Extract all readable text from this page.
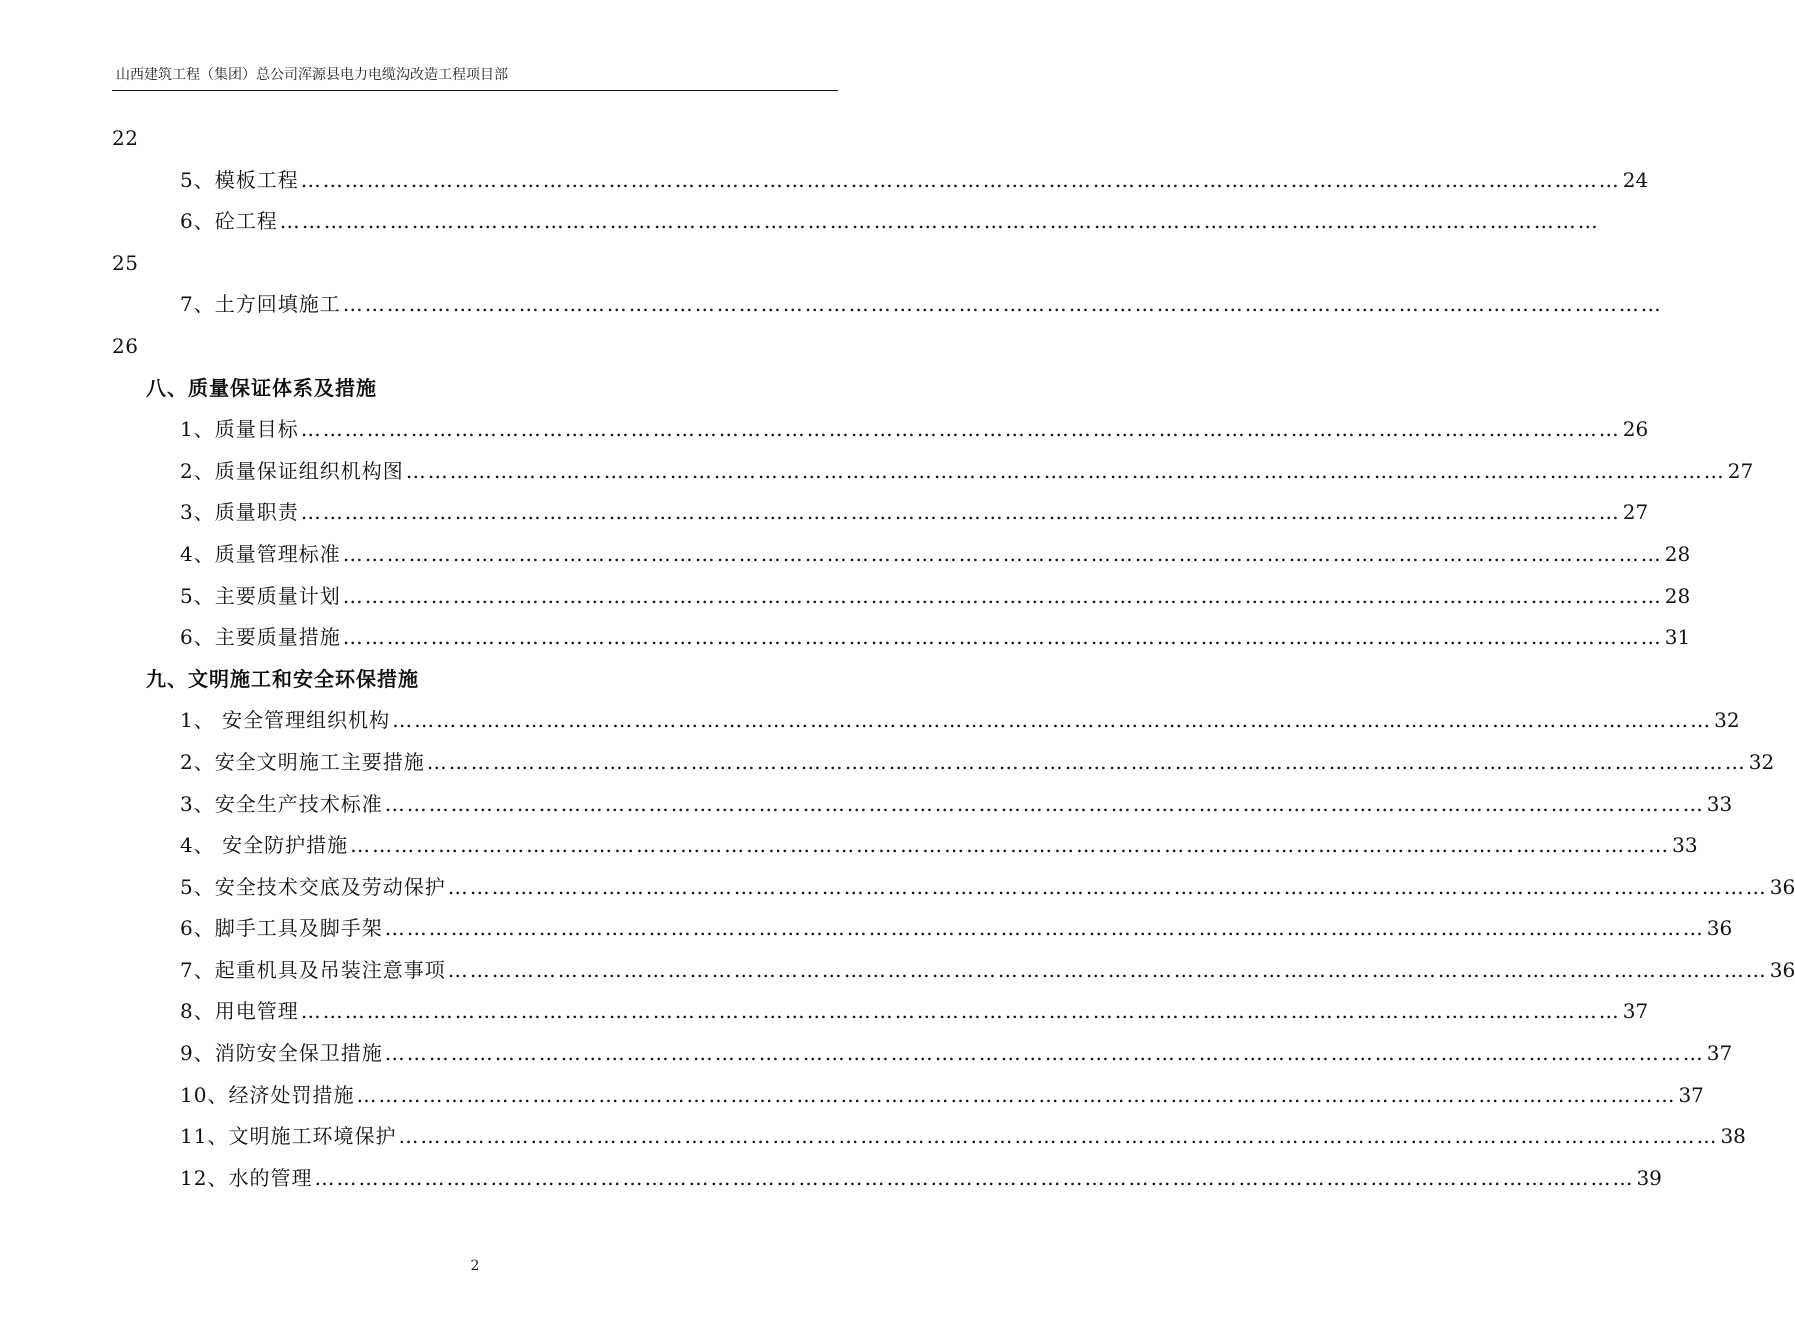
山西建筑工程（集团）总公司浑源县电力电缆沟改造工程项目部
22
5、模板工程 ……………………………………………………………………………………………………………………………………………………………… 24
6、砼工程 ………………………………………………………………………………………………………………………………………………………………
25
7、土方回填施工 ………………………………………………………………………………………………………………………………………………………………
26
八、质量保证体系及措施
1、质量目标 ……………………………………………………………………………………………………………………………………………………………… 26
2、质量保证组织机构图 ……………………………………………………………………………………………………………………………………………………………… 27
3、质量职责 ……………………………………………………………………………………………………………………………………………………………… 27
4、质量管理标准 ……………………………………………………………………………………………………………………………………………………………… 28
5、主要质量计划 ……………………………………………………………………………………………………………………………………………………………… 28
6、主要质量措施 ……………………………………………………………………………………………………………………………………………………………… 31
九、文明施工和安全环保措施
1、 安全管理组织机构 ……………………………………………………………………………………………………………………………………………………………… 32
2、安全文明施工主要措施 ……………………………………………………………………………………………………………………………………………………………… 32
3、安全生产技术标准 ……………………………………………………………………………………………………………………………………………………………… 33
4、 安全防护措施 ……………………………………………………………………………………………………………………………………………………………… 33
5、安全技术交底及劳动保护 ……………………………………………………………………………………………………………………………………………………………… 36
6、脚手工具及脚手架 ……………………………………………………………………………………………………………………………………………………………… 36
7、起重机具及吊装注意事项 ……………………………………………………………………………………………………………………………………………………………… 36
8、用电管理 ……………………………………………………………………………………………………………………………………………………………… 37
9、消防安全保卫措施 ……………………………………………………………………………………………………………………………………………………………… 37
10、经济处罚措施 ……………………………………………………………………………………………………………………………………………………………… 37
11、文明施工环境保护 ……………………………………………………………………………………………………………………………………………………………… 38
12、水的管理 ……………………………………………………………………………………………………………………………………………………………… 39
2
